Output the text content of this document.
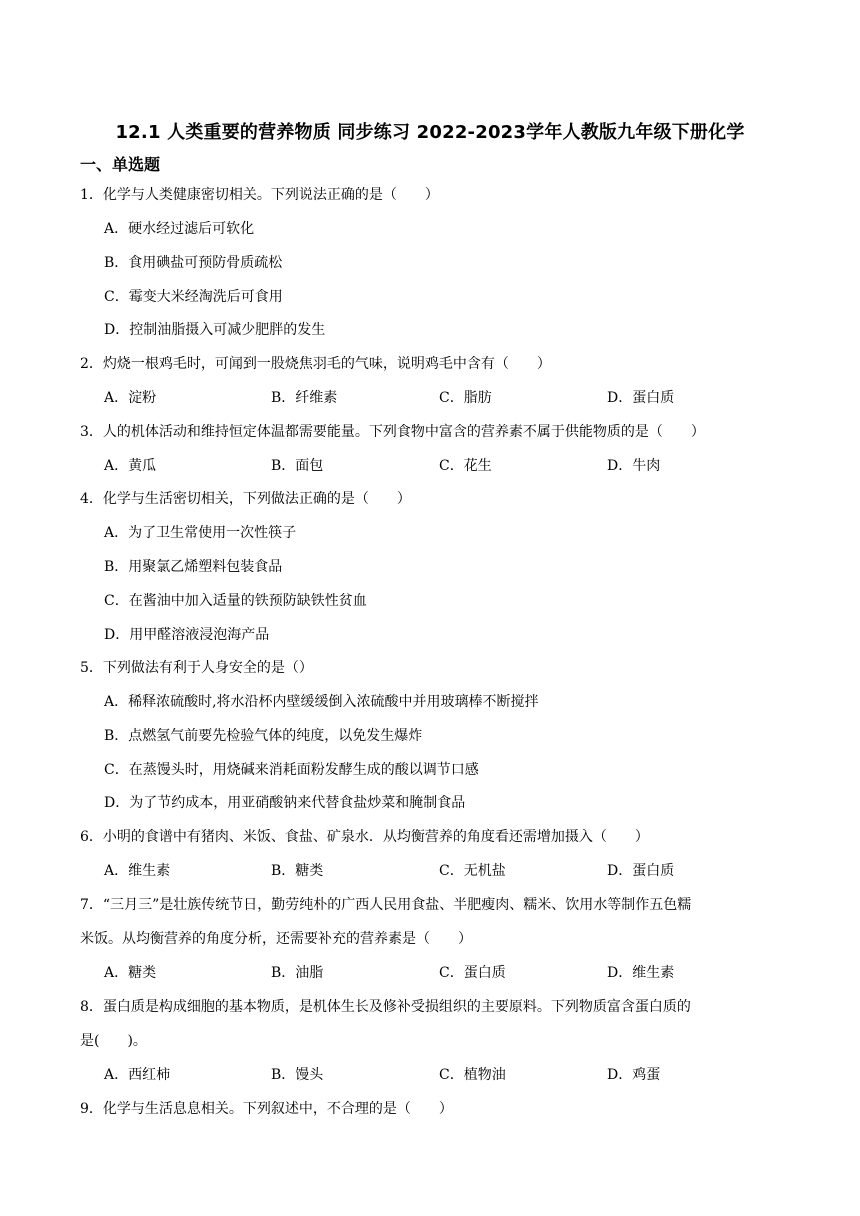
12.1 人类重要的营养物质 同步练习 2022-2023学年人教版九年级下册化学
一、单选题
1．化学与人类健康密切相关。下列说法正确的是（　　）
A．硬水经过滤后可软化
B．食用碘盐可预防骨质疏松
C．霉变大米经淘洗后可食用
D．控制油脂摄入可减少肥胖的发生
2．灼烧一根鸡毛时，可闻到一股烧焦羽毛的气味，说明鸡毛中含有（　　）
A．淀粉	B．纤维素	C．脂肪	D．蛋白质
3．人的机体活动和维持恒定体温都需要能量。下列食物中富含的营养素不属于供能物质的是（　　）
A．黄瓜	B．面包	C．花生	D．牛肉
4．化学与生活密切相关，下列做法正确的是（　　）
A．为了卫生常使用一次性筷子
B．用聚氯乙烯塑料包装食品
C．在酱油中加入适量的铁预防缺铁性贫血
D．用甲醛溶液浸泡海产品
5．下列做法有利于人身安全的是（）
A．稀释浓硫酸时,将水沿杯内壁缓缓倒入浓硫酸中并用玻璃棒不断搅拌
B．点燃氢气前要先检验气体的纯度，以免发生爆炸
C．在蒸馒头时，用烧碱来消耗面粉发酵生成的酸以调节口感
D．为了节约成本，用亚硝酸钠来代替食盐炒菜和腌制食品
6．小明的食谱中有猪肉、米饭、食盐、矿泉水．从均衡营养的角度看还需增加摄入（　　）
A．维生素	B．糖类	C．无机盐	D．蛋白质
7．“三月三”是壮族传统节日，勤劳纯朴的广西人民用食盐、半肥瘦肉、糯米、饮用水等制作五色糯
米饭。从均衡营养的角度分析，还需要补充的营养素是（　　）
A．糖类	B．油脂	C．蛋白质	D．维生素
8．蛋白质是构成细胞的基本物质，是机体生长及修补受损组织的主要原料。下列物质富含蛋白质的
是(　　)。
A．西红柿	B．馒头	C．植物油	D．鸡蛋
9．化学与生活息息相关。下列叙述中，不合理的是（　　）
